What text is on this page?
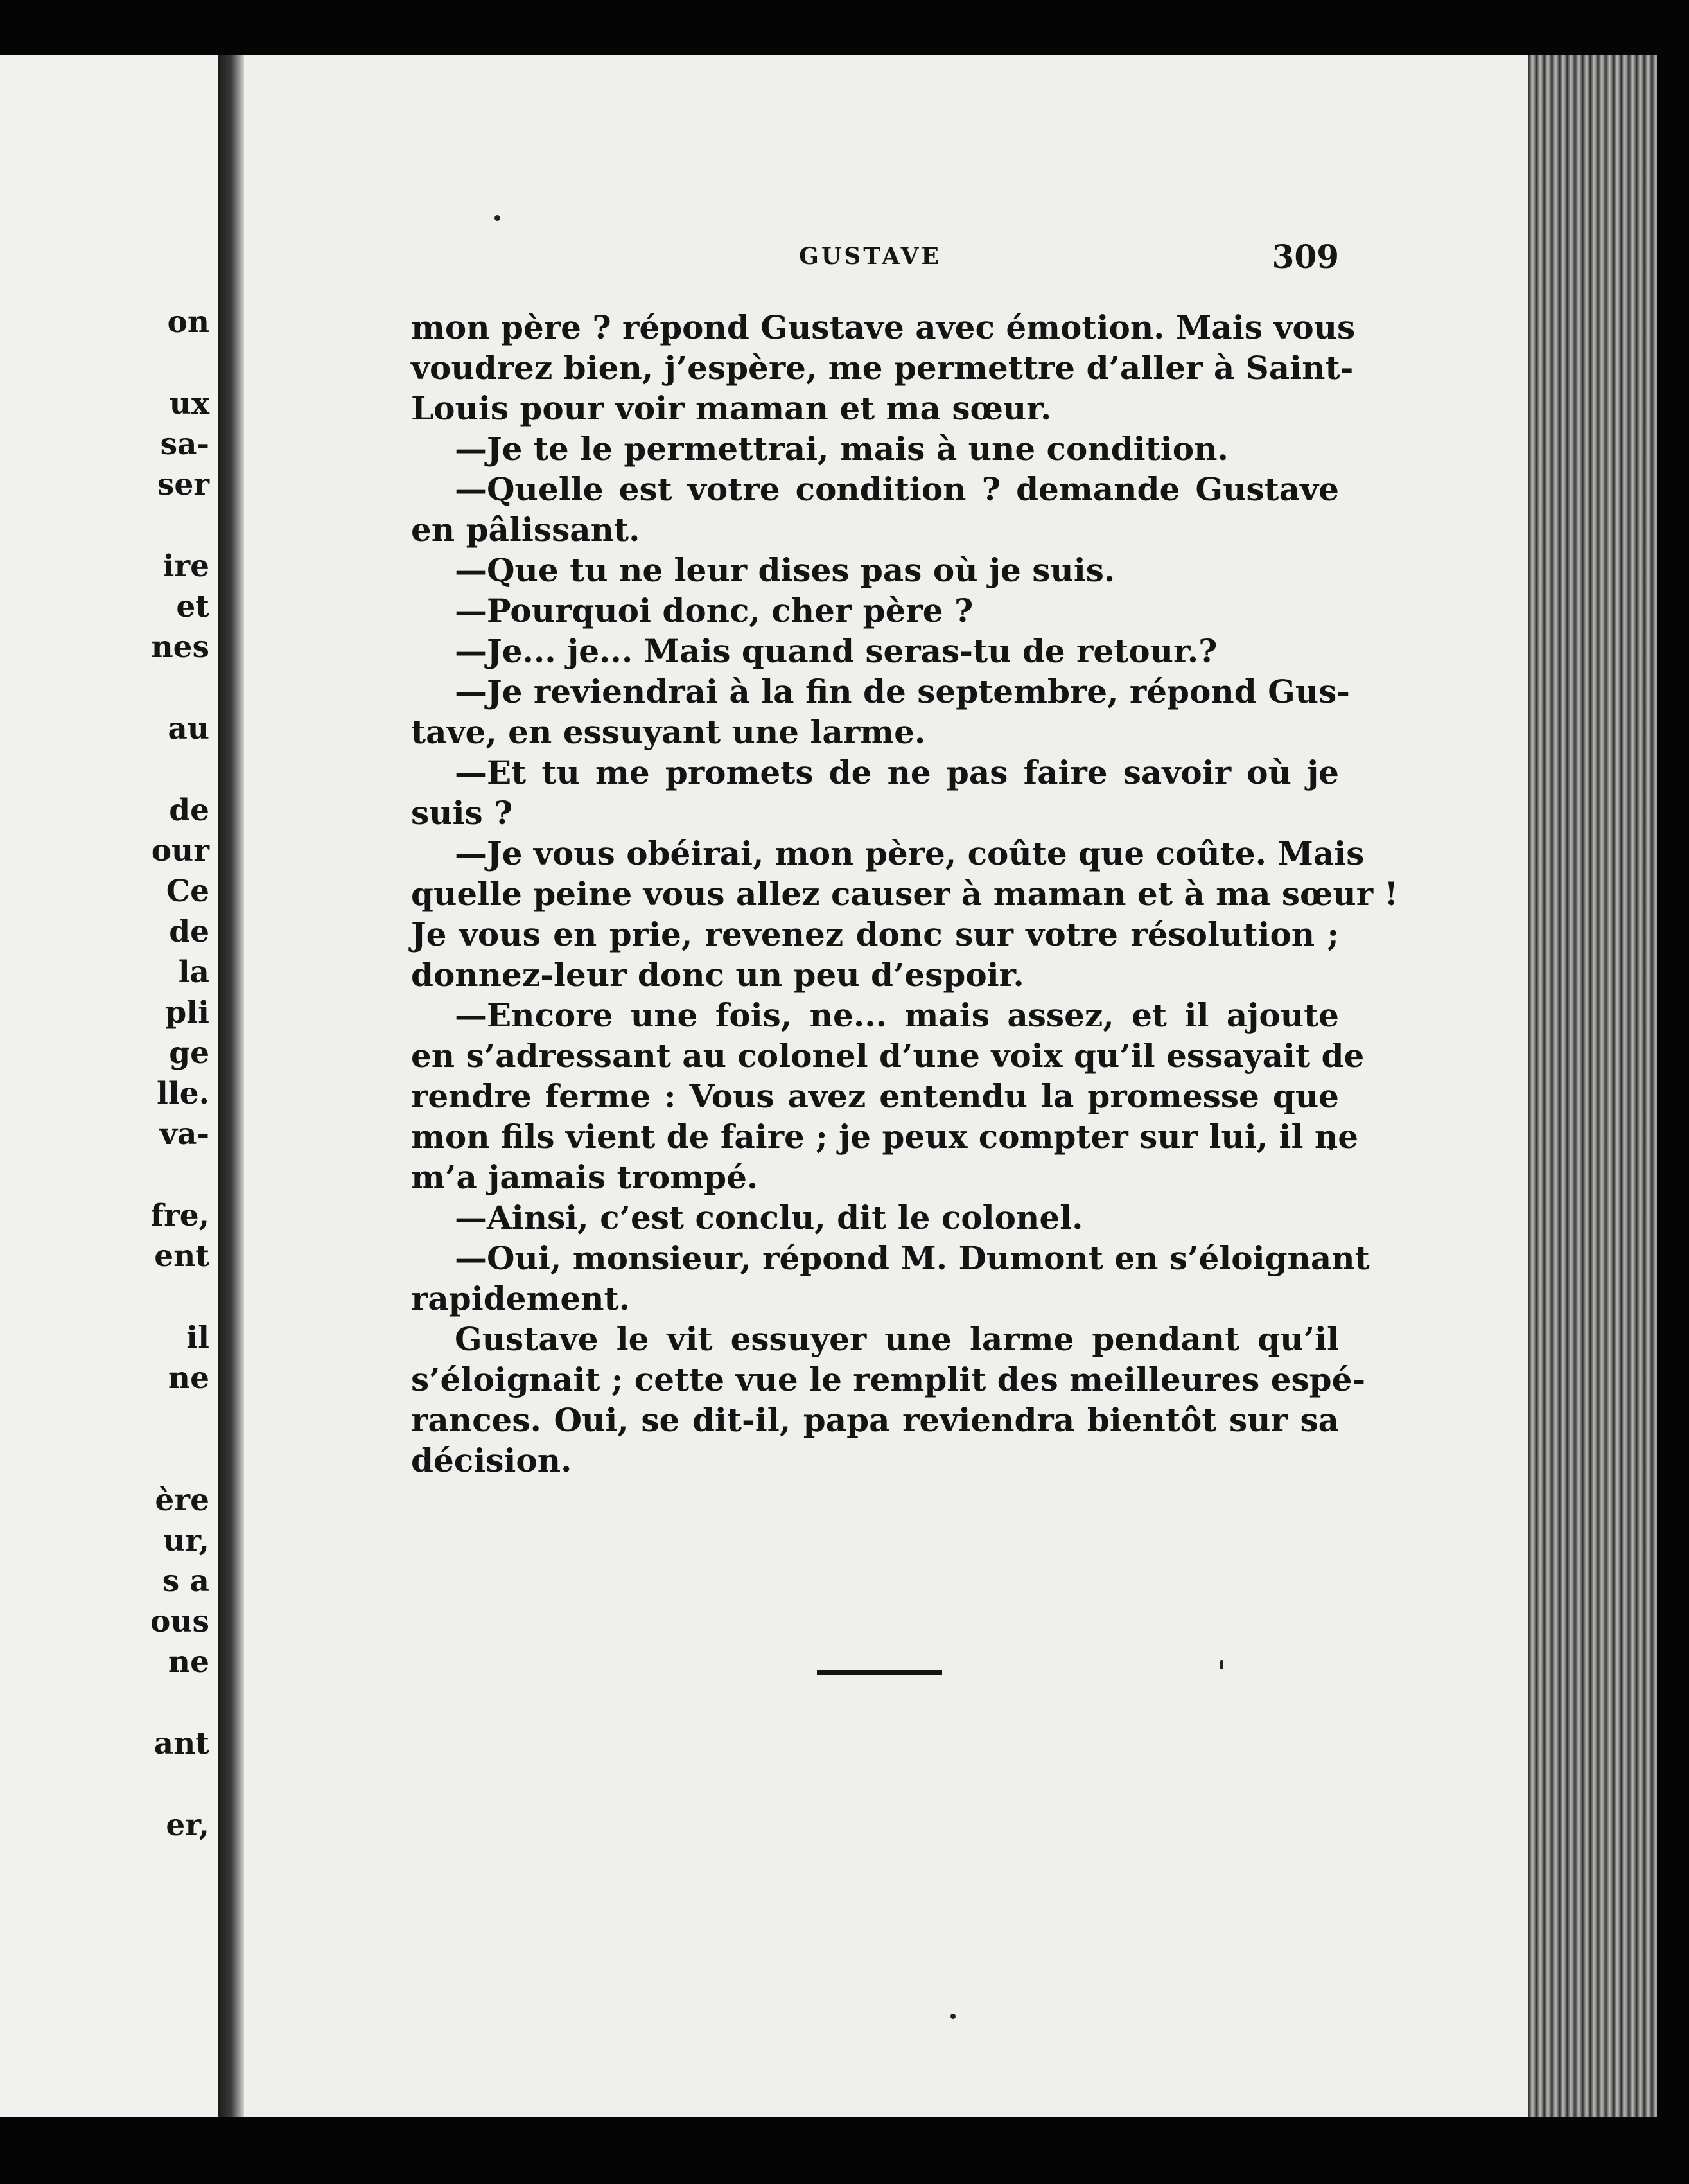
on
ux
sa-
ser
ire
et
nes
au
de
our
Ce
de
la
pli
ge
lle.
va-
fre,
ent
il
ne
ère
ur,
s a
ous
ne
ant
er,
GUSTAVE	309
mon père ? répond Gustave avec émotion. Mais vous
voudrez bien, j’espère, me permettre d’aller à Saint-
Louis pour voir maman et ma sœur.
—Je te le permettrai, mais à une condition.
—Quelle est votre condition ? demande Gustave
en pâlissant.
—Que tu ne leur dises pas où je suis.
—Pourquoi donc, cher père ?
—Je... je... Mais quand seras-tu de retour.?
—Je reviendrai à la fin de septembre, répond Gus-
tave, en essuyant une larme.
—Et tu me promets de ne pas faire savoir où je
suis ?
—Je vous obéirai, mon père, coûte que coûte. Mais
quelle peine vous allez causer à maman et à ma sœur !
Je vous en prie, revenez donc sur votre résolution ;
donnez-leur donc un peu d’espoir.
—Encore une fois, ne... mais assez, et il ajoute
en s’adressant au colonel d’une voix qu’il essayait de
rendre ferme : Vous avez entendu la promesse que
mon fils vient de faire ; je peux compter sur lui, il ne
m’a jamais trompé.
—Ainsi, c’est conclu, dit le colonel.
—Oui, monsieur, répond M. Dumont en s’éloignant
rapidement.
Gustave le vit essuyer une larme pendant qu’il
s’éloignait ; cette vue le remplit des meilleures espé-
rances. Oui, se dit-il, papa reviendra bientôt sur sa
décision.
